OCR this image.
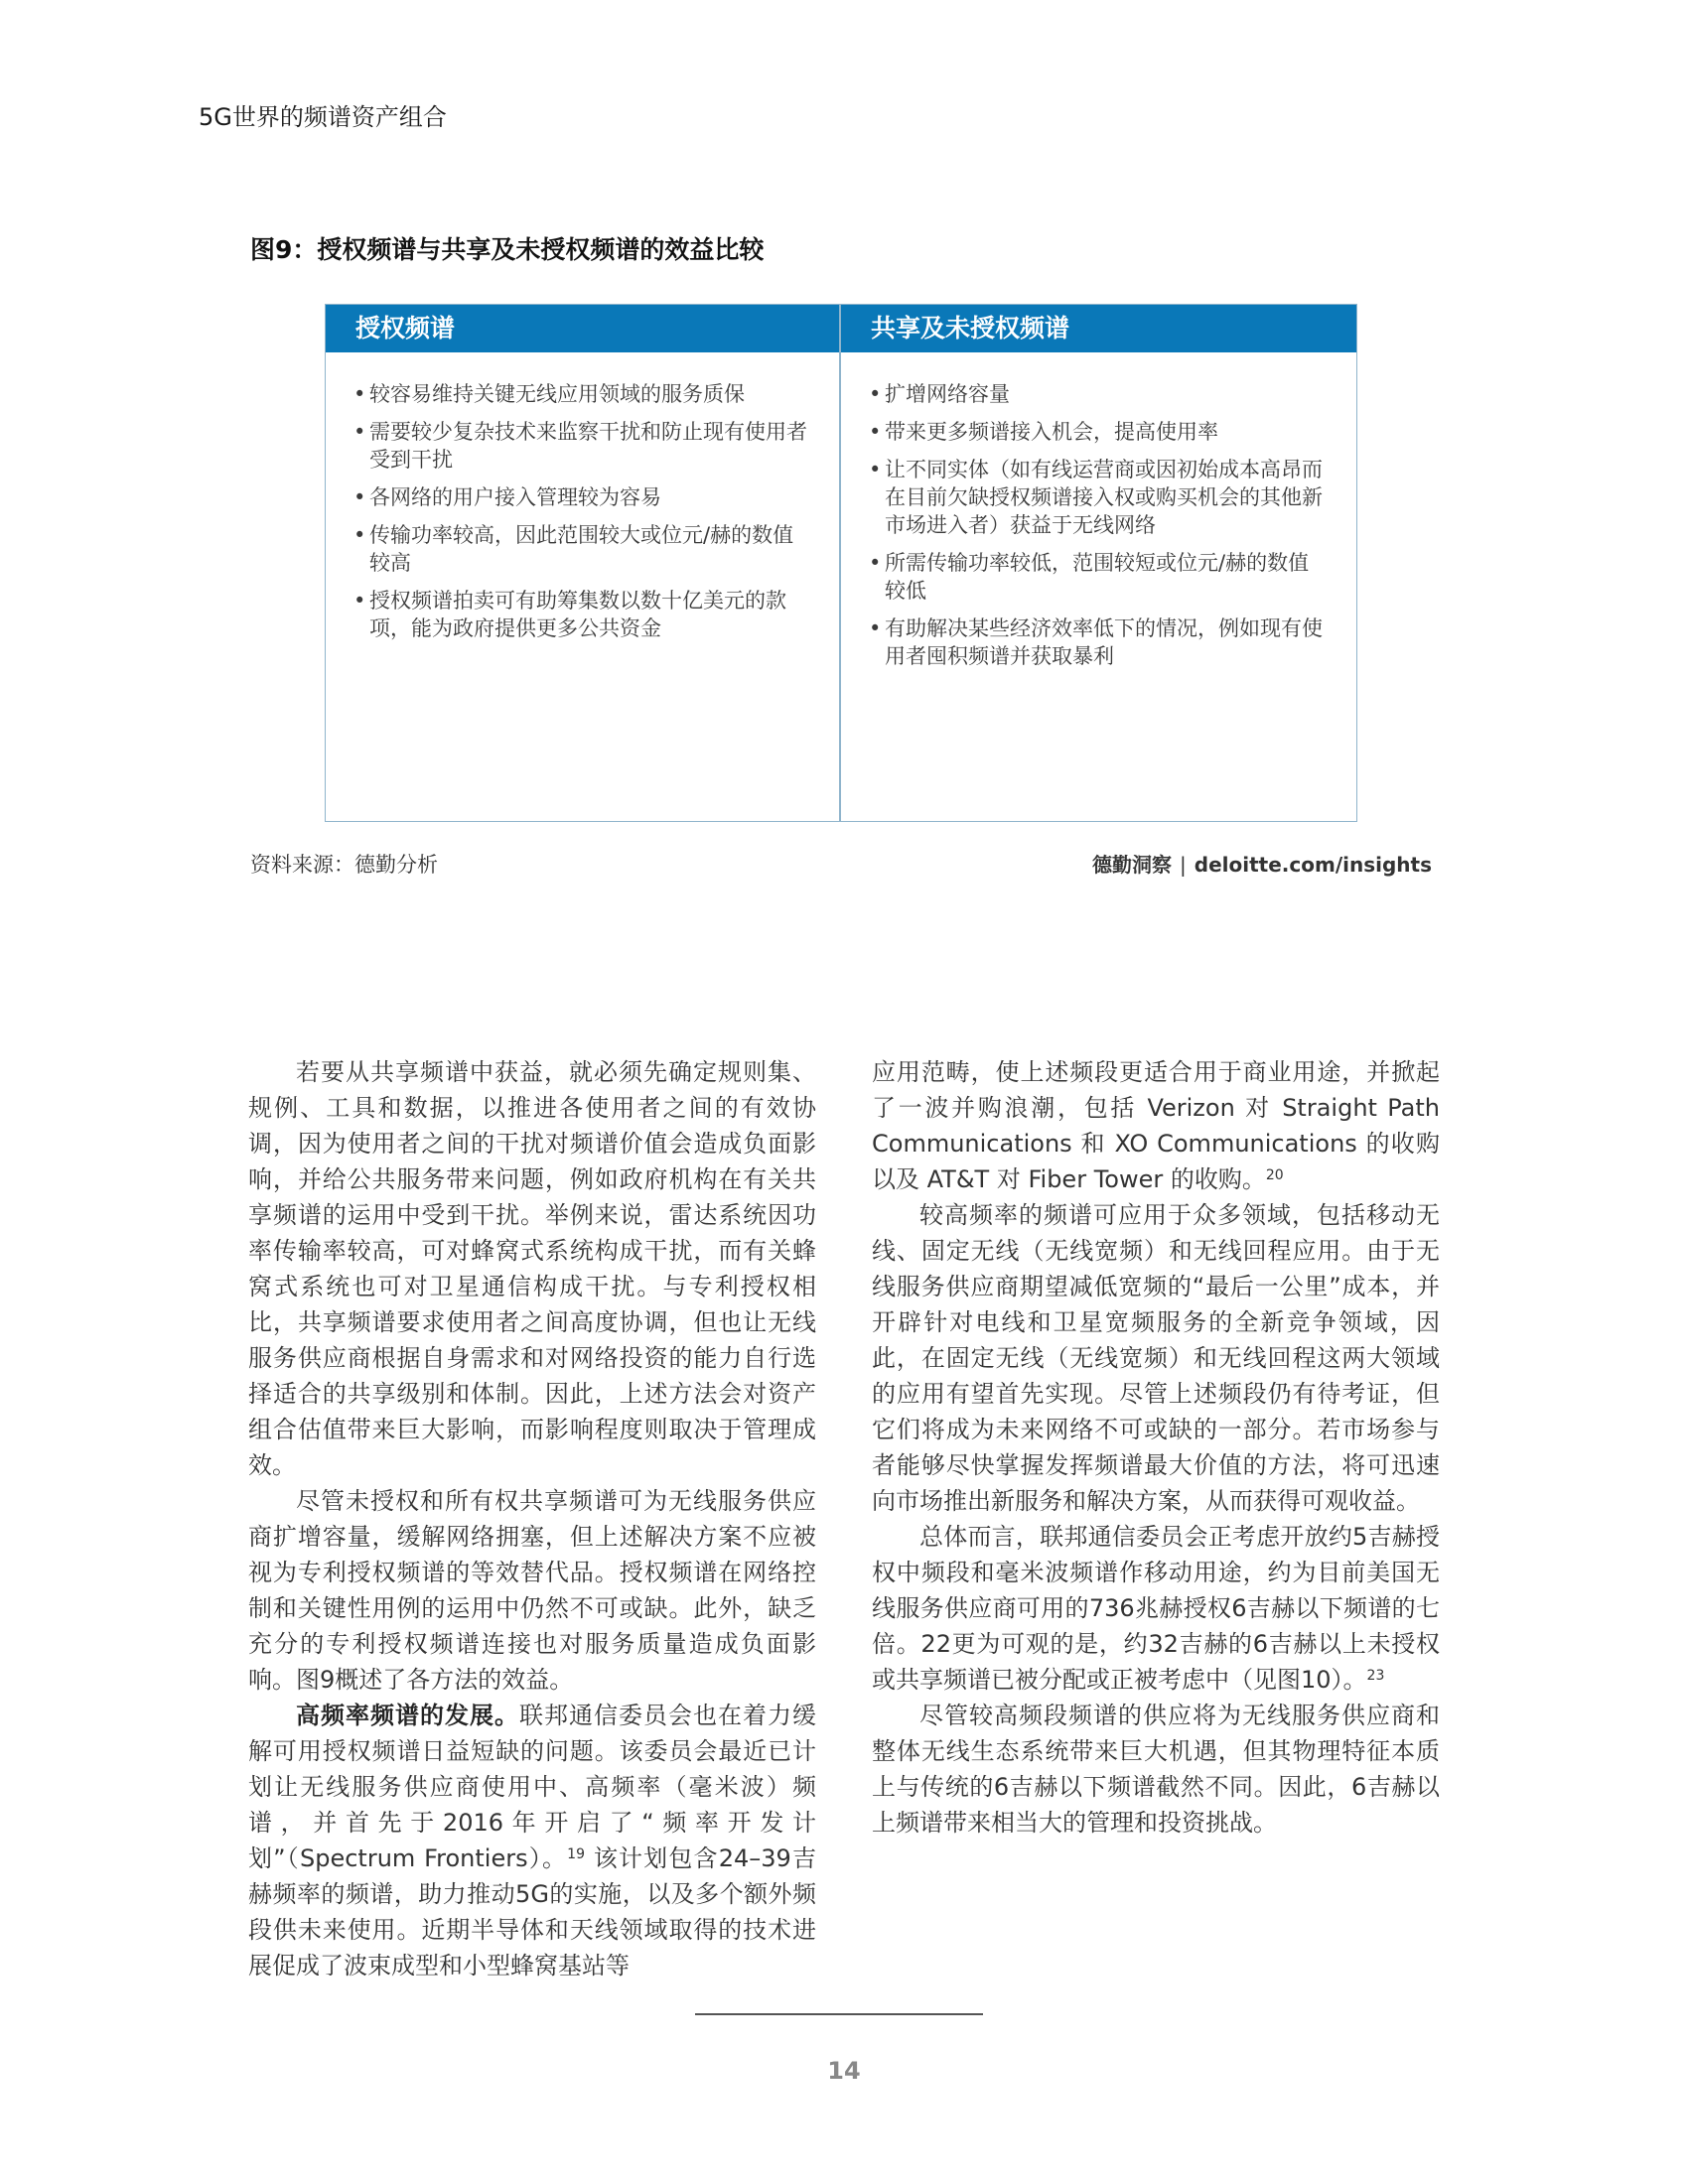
5G世界的频谱资产组合
图9：授权频谱与共享及未授权频谱的效益比较
授权频谱
• 较容易维持关键无线应用领域的服务质保
• 需要较少复杂技术来监察干扰和防止现有使用者受到干扰
• 各网络的用户接入管理较为容易
• 传输功率较高，因此范围较大或位元/赫的数值较高
• 授权频谱拍卖可有助筹集数以数十亿美元的款项，能为政府提供更多公共资金
共享及未授权频谱
• 扩增网络容量
• 带来更多频谱接入机会，提高使用率
• 让不同实体（如有线运营商或因初始成本高昂而在目前欠缺授权频谱接入权或购买机会的其他新市场进入者）获益于无线网络
• 所需传输功率较低，范围较短或位元/赫的数值较低
• 有助解决某些经济效率低下的情况，例如现有使用者囤积频谱并获取暴利
资料来源：德勤分析	德勤洞察 | deloitte.com/insights

若要从共享频谱中获益，就必须先确定规则集、规例、工具和数据，以推进各使用者之间的有效协调，因为使用者之间的干扰对频谱价值会造成负面影响，并给公共服务带来问题，例如政府机构在有关共享频谱的运用中受到干扰。举例来说，雷达系统因功率传输率较高，可对蜂窝式系统构成干扰，而有关蜂窝式系统也可对卫星通信构成干扰。与专利授权相比，共享频谱要求使用者之间高度协调，但也让无线服务供应商根据自身需求和对网络投资的能力自行选择适合的共享级别和体制。因此，上述方法会对资产组合估值带来巨大影响，而影响程度则取决于管理成效。

尽管未授权和所有权共享频谱可为无线服务供应商扩增容量，缓解网络拥塞，但上述解决方案不应被视为专利授权频谱的等效替代品。授权频谱在网络控制和关键性用例的运用中仍然不可或缺。此外，缺乏充分的专利授权频谱连接也对服务质量造成负面影响。图9概述了各方法的效益。

高频率频谱的发展。联邦通信委员会也在着力缓解可用授权频谱日益短缺的问题。该委员会最近已计划让无线服务供应商使用中、高频率（毫米波）频谱，并首先于2016年开启了“频率开发计划”（Spectrum Frontiers）。$^{19}$ 该计划包含24–39吉赫频率的频谱，助力推动5G的实施，以及多个额外频段供未来使用。近期半导体和天线领域取得的技术进展促成了波束成型和小型蜂窝基站等

应用范畴，使上述频段更适合用于商业用途，并掀起了一波并购浪潮，包括 Verizon 对 Straight Path Communications 和 XO Communications 的收购以及 AT&T 对 Fiber Tower 的收购。$^{20}$

较高频率的频谱可应用于众多领域，包括移动无线、固定无线（无线宽频）和无线回程应用。由于无线服务供应商期望减低宽频的“最后一公里”成本，并开辟针对电线和卫星宽频服务的全新竞争领域，因此，在固定无线（无线宽频）和无线回程这两大领域的应用有望首先实现。尽管上述频段仍有待考证，但它们将成为未来网络不可或缺的一部分。若市场参与者能够尽快掌握发挥频谱最大价值的方法，将可迅速向市场推出新服务和解决方案，从而获得可观收益。

总体而言，联邦通信委员会正考虑开放约5吉赫授权中频段和毫米波频谱作移动用途，约为目前美国无线服务供应商可用的736兆赫授权6吉赫以下频谱的七倍。22更为可观的是，约32吉赫的6吉赫以上未授权或共享频谱已被分配或正被考虑中（见图10）。$^{23}$

尽管较高频段频谱的供应将为无线服务供应商和整体无线生态系统带来巨大机遇，但其物理特征本质上与传统的6吉赫以下频谱截然不同。因此，6吉赫以上频谱带来相当大的管理和投资挑战。

14
